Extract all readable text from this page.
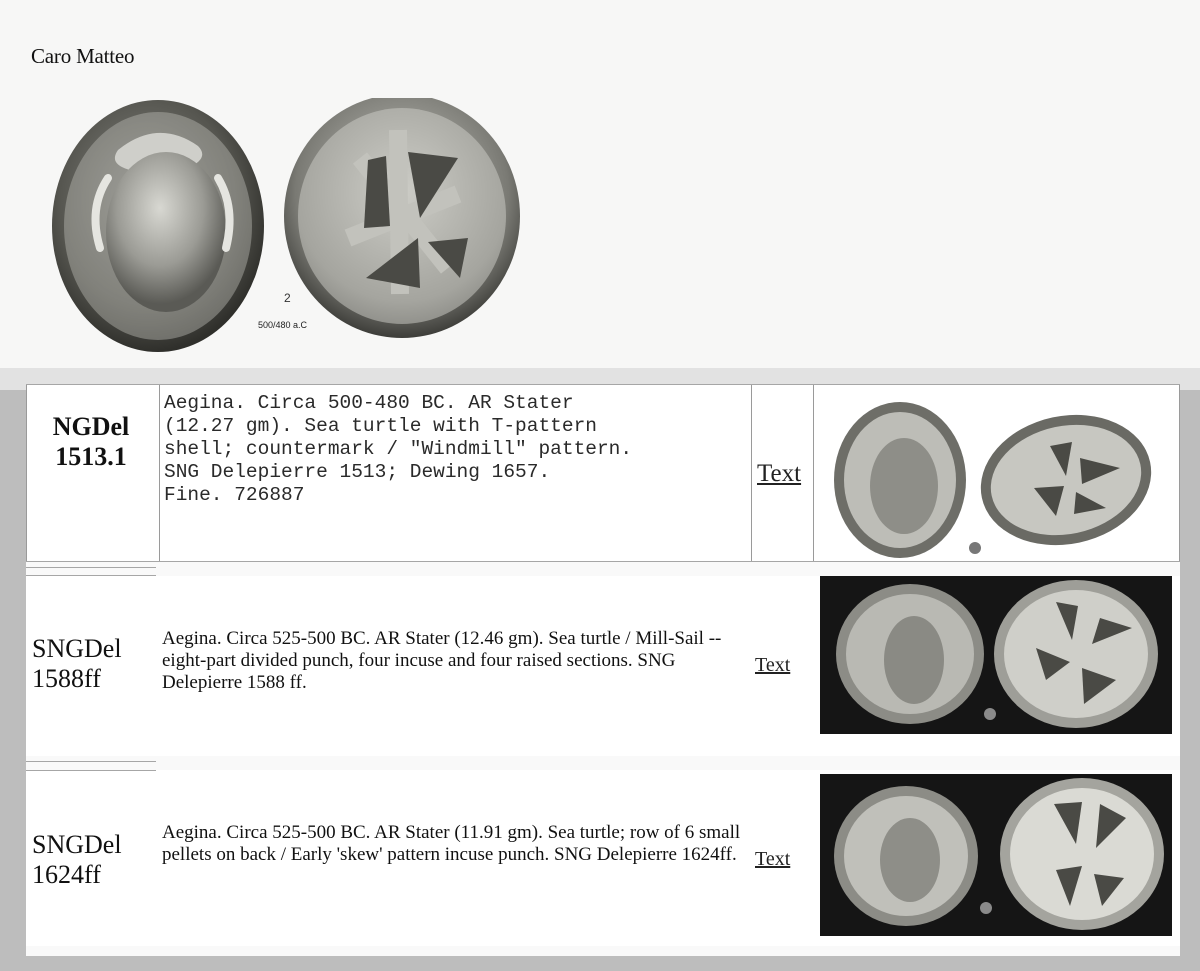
Caro Matteo
2
500/480 a.C
NGDel
1513.1
Aegina. Circa 500-480 BC. AR Stater
(12.27 gm). Sea turtle with T-pattern
shell; countermark / "Windmill" pattern.
SNG Delepierre 1513; Dewing 1657.
Fine. 726887
Text
SNGDel
1588ff
Aegina. Circa 525-500 BC. AR Stater (12.46 gm). Sea turtle / Mill-Sail -- eight-part divided punch, four incuse and four raised sections. SNG Delepierre 1588 ff.
Text
SNGDel
1624ff
Aegina. Circa 525-500 BC. AR Stater (11.91 gm). Sea turtle; row of 6 small pellets on back / Early 'skew' pattern incuse punch. SNG Delepierre 1624ff. Text
